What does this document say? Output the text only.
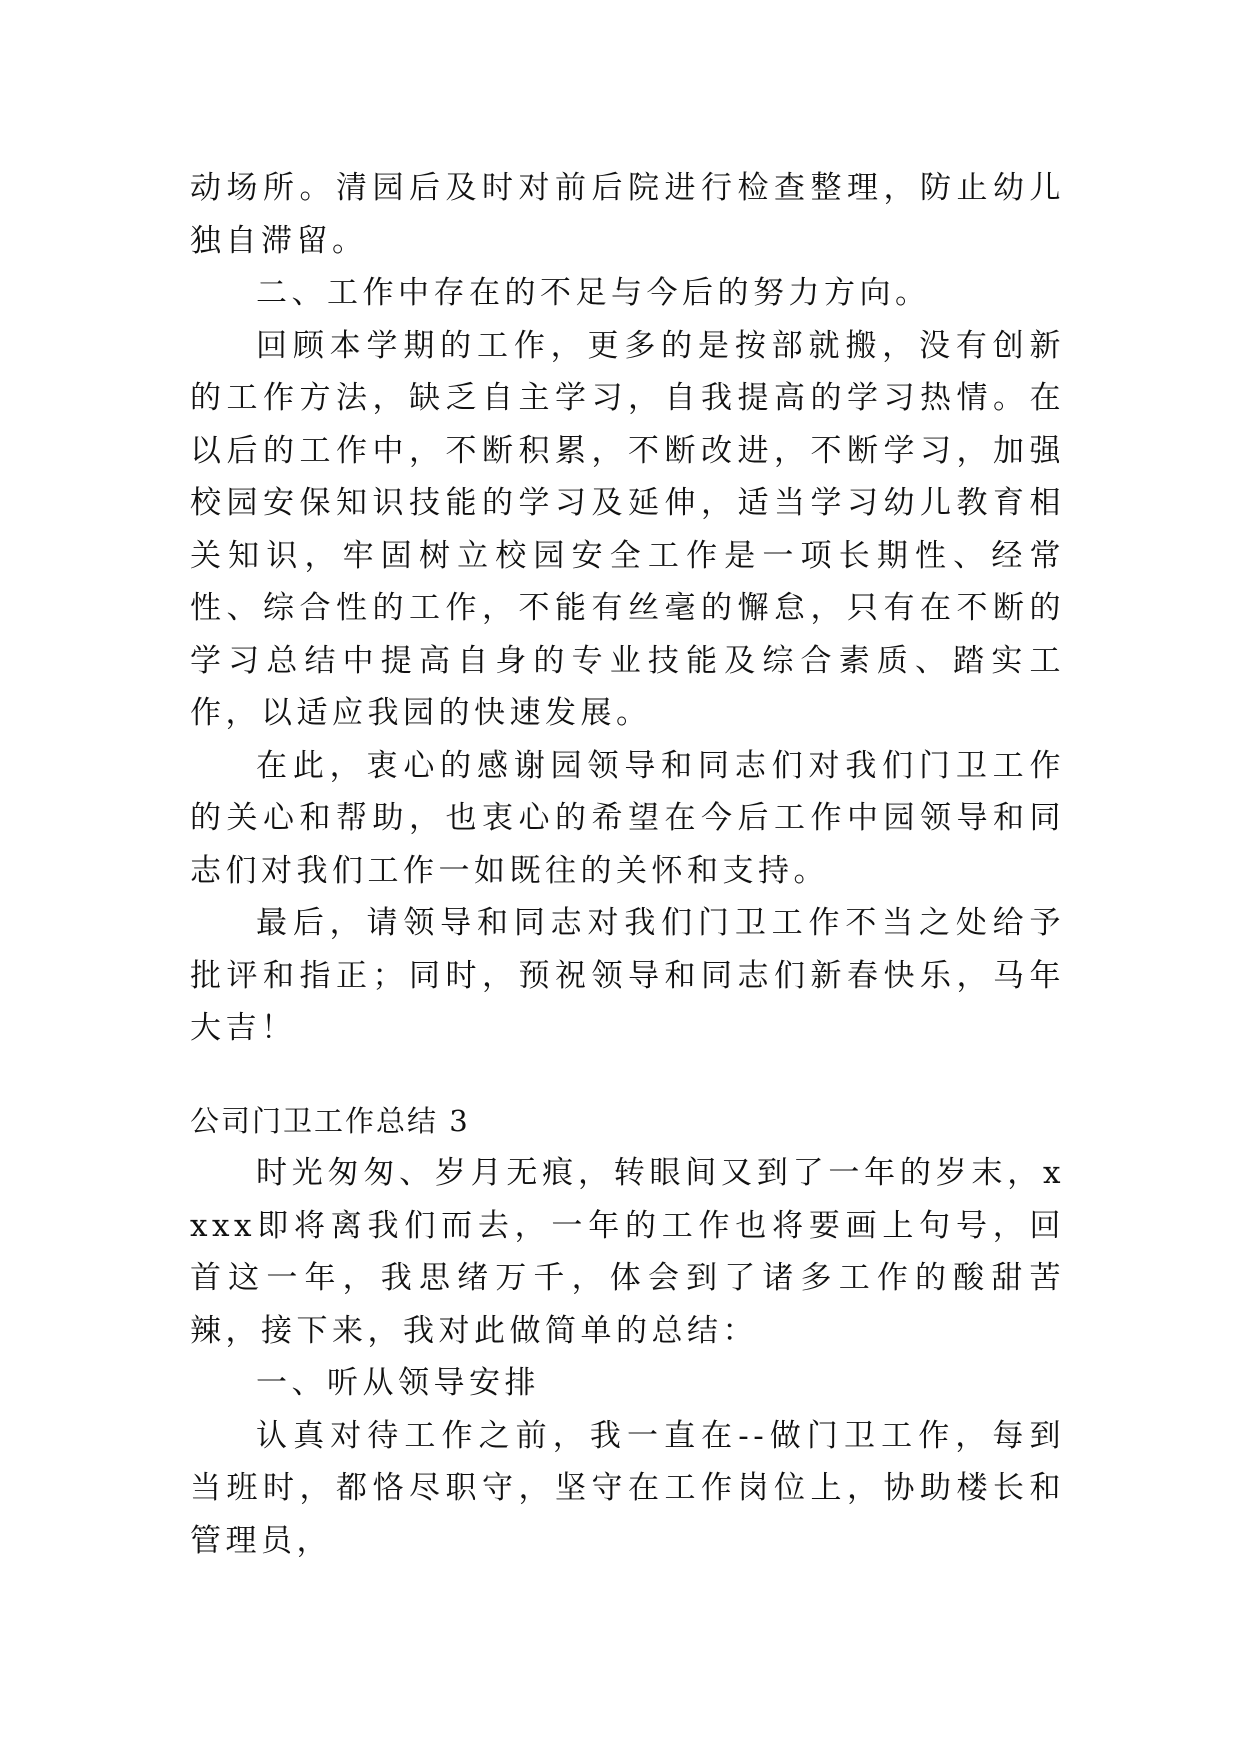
动场所。清园后及时对前后院进行检查整理，防止幼儿独自滞留。

二、工作中存在的不足与今后的努力方向。

回顾本学期的工作，更多的是按部就搬，没有创新的工作方法，缺乏自主学习，自我提高的学习热情。在以后的工作中，不断积累，不断改进，不断学习，加强校园安保知识技能的学习及延伸，适当学习幼儿教育相关知识，牢固树立校园安全工作是一项长期性、经常性、综合性的工作，不能有丝毫的懈怠，只有在不断的学习总结中提高自身的专业技能及综合素质、踏实工作，以适应我园的快速发展。

在此，衷心的感谢园领导和同志们对我们门卫工作的关心和帮助，也衷心的希望在今后工作中园领导和同志们对我们工作一如既往的关怀和支持。

最后，请领导和同志对我们门卫工作不当之处给予批评和指正；同时，预祝领导和同志们新春快乐，马年大吉！

公司门卫工作总结 3

时光匆匆、岁月无痕，转眼间又到了一年的岁末，xxxx即将离我们而去，一年的工作也将要画上句号，回首这一年，我思绪万千，体会到了诸多工作的酸甜苦辣，接下来，我对此做简单的总结：

一、听从领导安排

认真对待工作之前，我一直在--做门卫工作，每到当班时，都恪尽职守，坚守在工作岗位上，协助楼长和管理员，
